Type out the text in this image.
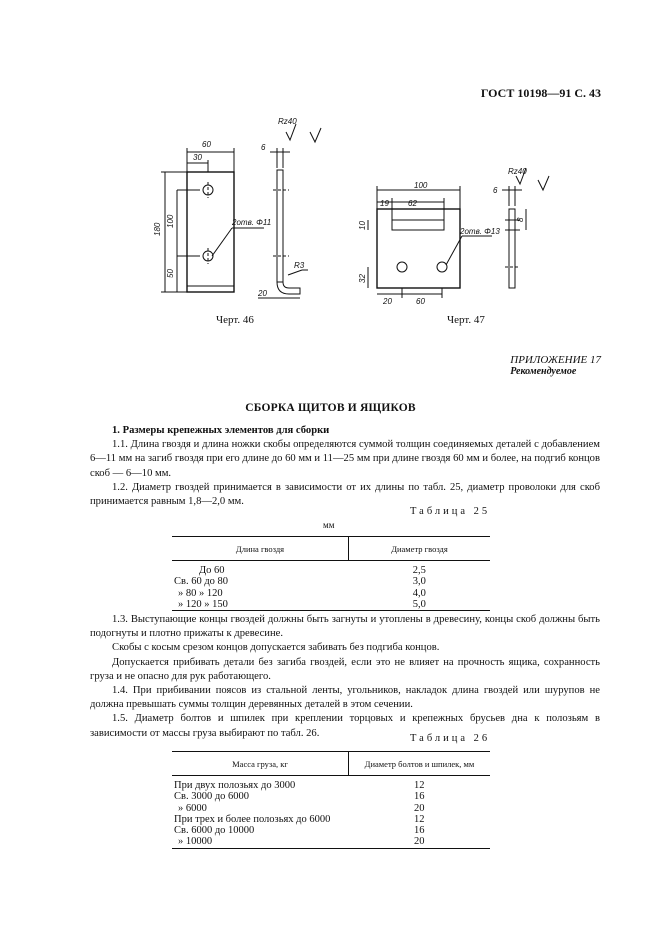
ГОСТ 10198—91 С. 43
60
30
180
100
50
6
20
R3
Rz40
2отв. Φ11
100
19 62
10
32
20	60
6
8
Rz40
2отв. Φ13
Черт. 46	Черт. 47
ПРИЛОЖЕНИЕ 17
Рекомендуемое
СБОРКА ЩИТОВ И ЯЩИКОВ

1. Размеры крепежных элементов для сборки

1.1. Длина гвоздя и длина ножки скобы определяются суммой толщин соединяемых деталей с добавлением 6—11 мм на загиб гвоздя при его длине до 60 мм и 11—25 мм при длине гвоздя 60 мм и более, на подгиб концов скоб — 6—10 мм.

1.2. Диаметр гвоздей принимается в зависимости от их длины по табл. 25, диаметр проволоки для скоб принимается равным 1,8—2,0 мм.

Таблица 25
мм
Длина гвоздя	Диаметр гвоздя
До 60	2,5
Св. 60 до 80	3,0
» 80 » 120	4,0
» 120 » 150	5,0

1.3. Выступающие концы гвоздей должны быть загнуты и утоплены в древесину, концы скоб должны быть подогнуты и плотно прижаты к древесине.

Скобы с косым срезом концов допускается забивать без подгиба концов.

Допускается прибивать детали без загиба гвоздей, если это не влияет на прочность ящика, сохранность груза и не опасно для рук работающего.

1.4. При прибивании поясов из стальной ленты, угольников, накладок длина гвоздей или шурупов не должна превышать суммы толщин деревянных деталей в этом сечении.

1.5. Диаметр болтов и шпилек при креплении торцовых и крепежных брусьев дна к полозьям в зависимости от массы груза выбирают по табл. 26.	Таблица 26
Масса груза, кг	Диаметр болтов и шпилек, мм
При двух полозьях до 3000	12
Св. 3000 до 6000	16
» 6000	20
При трех и более полозьях до 6000	12
Св. 6000 до 10000	16
» 10000	20
